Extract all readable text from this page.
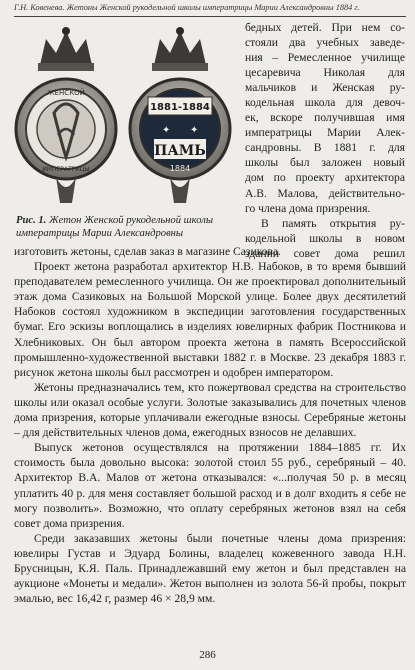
Г.Н. Ковенева. Жетоны Женской рукодельной школы императрицы Марии Александровны 1884 г.
ЖЕНСКОЙ
ИМПЕРАТРИЦЫ
1881-1884
✦ ✦
ПАМЬ
1884
Рис. 1. Жетон Женской рукодельной школы императрицы Марии Александровны

бедных детей. При нем со-

стояли два учебных заведе-

ния – Ремесленное училище

цесаревича Николая для

мальчиков и Женская ру-

кодельная школа для девоч-

ек, вскоре получившая имя

императрицы Марии Алек-

сандровны. В 1881 г. для

школы был заложен новый

дом по проекту архитектора

А.В. Малова, действительно-

го члена дома призрения.

В память открытия ру-

кодельной школы в новом

здании совет дома решил

изготовить жетоны, сделав заказ в магазине Сазикова.

Проект жетона разработал архитектор Н.В. Набоков, в то время бывший преподавателем ремесленного училища. Он же проектировал дополнительный этаж дома Сазиковых на Большой Морской улице. Более двух десятилетий Набоков состоял художником в экспедиции заготовления государственных бумаг. Его эскизы воплощались в изделиях ювелирных фабрик Постникова и Хлебниковых. Он был автором проекта жетона в память Всероссийской промышленно-художественной выставки 1882 г. в Москве. 23 декабря 1883 г. рисунок жетона школы был рассмотрен и одобрен императором.

Жетоны предназначались тем, кто пожертвовал средства на строительство школы или оказал особые услуги. Золотые заказывались для почетных членов дома призрения, которые уплачивали ежегодные взносы. Серебряные жетоны – для действительных членов дома, ежегодных взносов не делавших.

Выпуск жетонов осуществлялся на протяжении 1884–1885 гг. Их стоимость была довольно высока: золотой стоил 55 руб., серебряный – 40. Архитектор В.А. Малов от жетона отказывался: «...получая 50 р. в месяц уплатить 40 р. для меня составляет большой расход и в долг входить я себе не могу позволить». Возможно, что оплату серебряных жетонов взял на себя совет дома призрения.

Среди заказавших жетоны были почетные члены дома призрения: ювелиры Густав и Эдуард Болины, владелец кожевенного завода Н.Н. Брусницын, К.Я. Паль. Принадлежавший ему жетон и был представлен на аукционе «Монеты и медали». Жетон выполнен из золота 56-й пробы, покрыт эмалью, вес 16,42 г, размер 46 × 28,9 мм.

286
